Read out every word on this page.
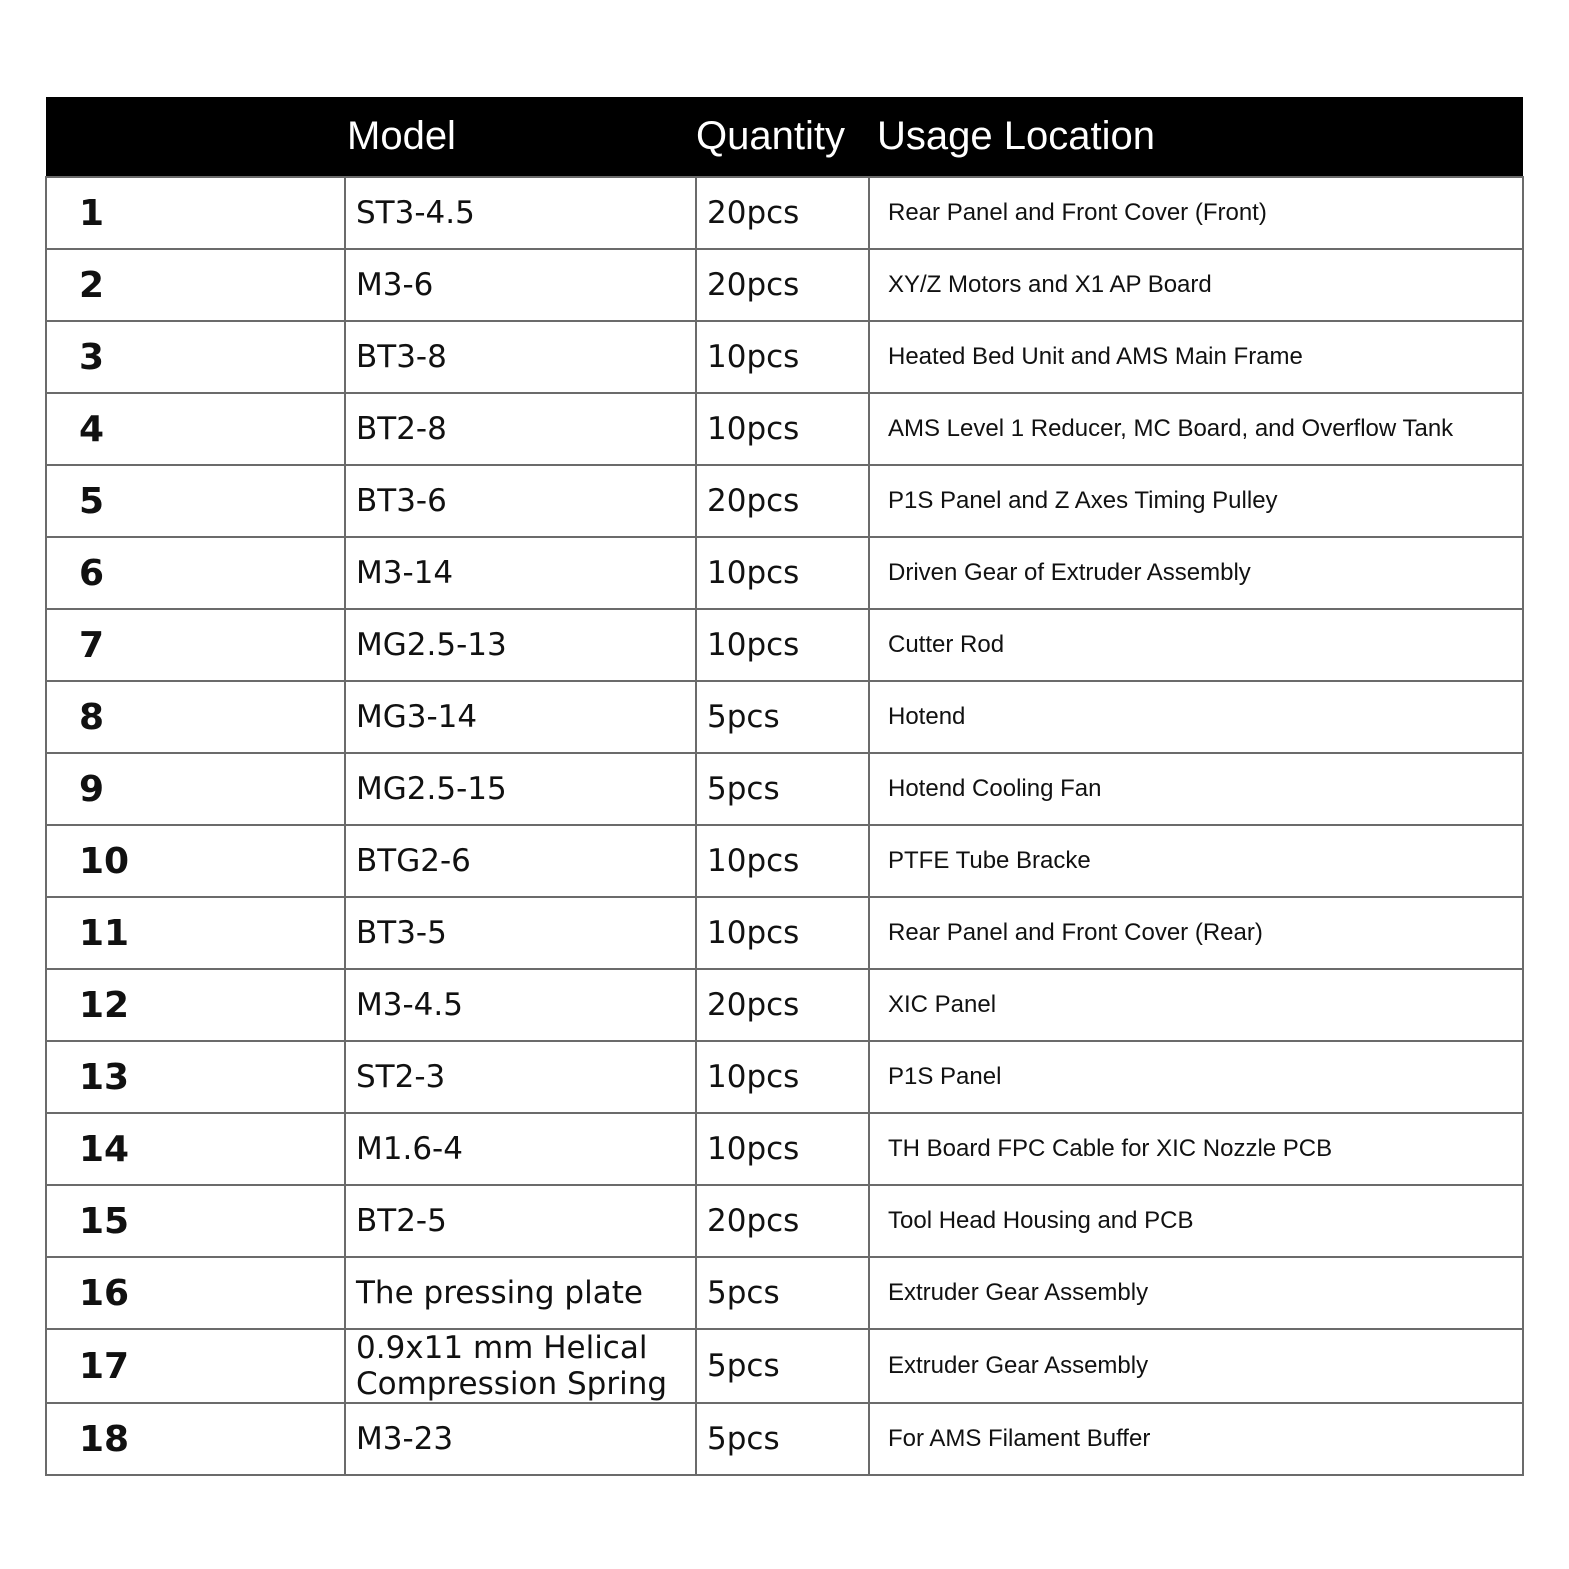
	Model	Quantity	Usage Location
1	ST3-4.5	20pcs	Rear Panel and Front Cover (Front)
2	M3-6	20pcs	XY/Z Motors and X1 AP Board
3	BT3-8	10pcs	Heated Bed Unit and AMS Main Frame
4	BT2-8	10pcs	AMS Level 1 Reducer, MC Board, and Overflow Tank
5	BT3-6	20pcs	P1S Panel and Z Axes Timing Pulley
6	M3-14	10pcs	Driven Gear of Extruder Assembly
7	MG2.5-13	10pcs	Cutter Rod
8	MG3-14	5pcs	Hotend
9	MG2.5-15	5pcs	Hotend Cooling Fan
10	BTG2-6	10pcs	PTFE Tube Bracke
11	BT3-5	10pcs	Rear Panel and Front Cover (Rear)
12	M3-4.5	20pcs	XIC Panel
13	ST2-3	10pcs	P1S Panel
14	M1.6-4	10pcs	TH Board FPC Cable for XIC Nozzle PCB
15	BT2-5	20pcs	Tool Head Housing and PCB
16	The pressing plate	5pcs	Extruder Gear Assembly
17	0.9x11 mm Helical Compression Spring	5pcs	Extruder Gear Assembly
18	M3-23	5pcs	For AMS Filament Buffer
